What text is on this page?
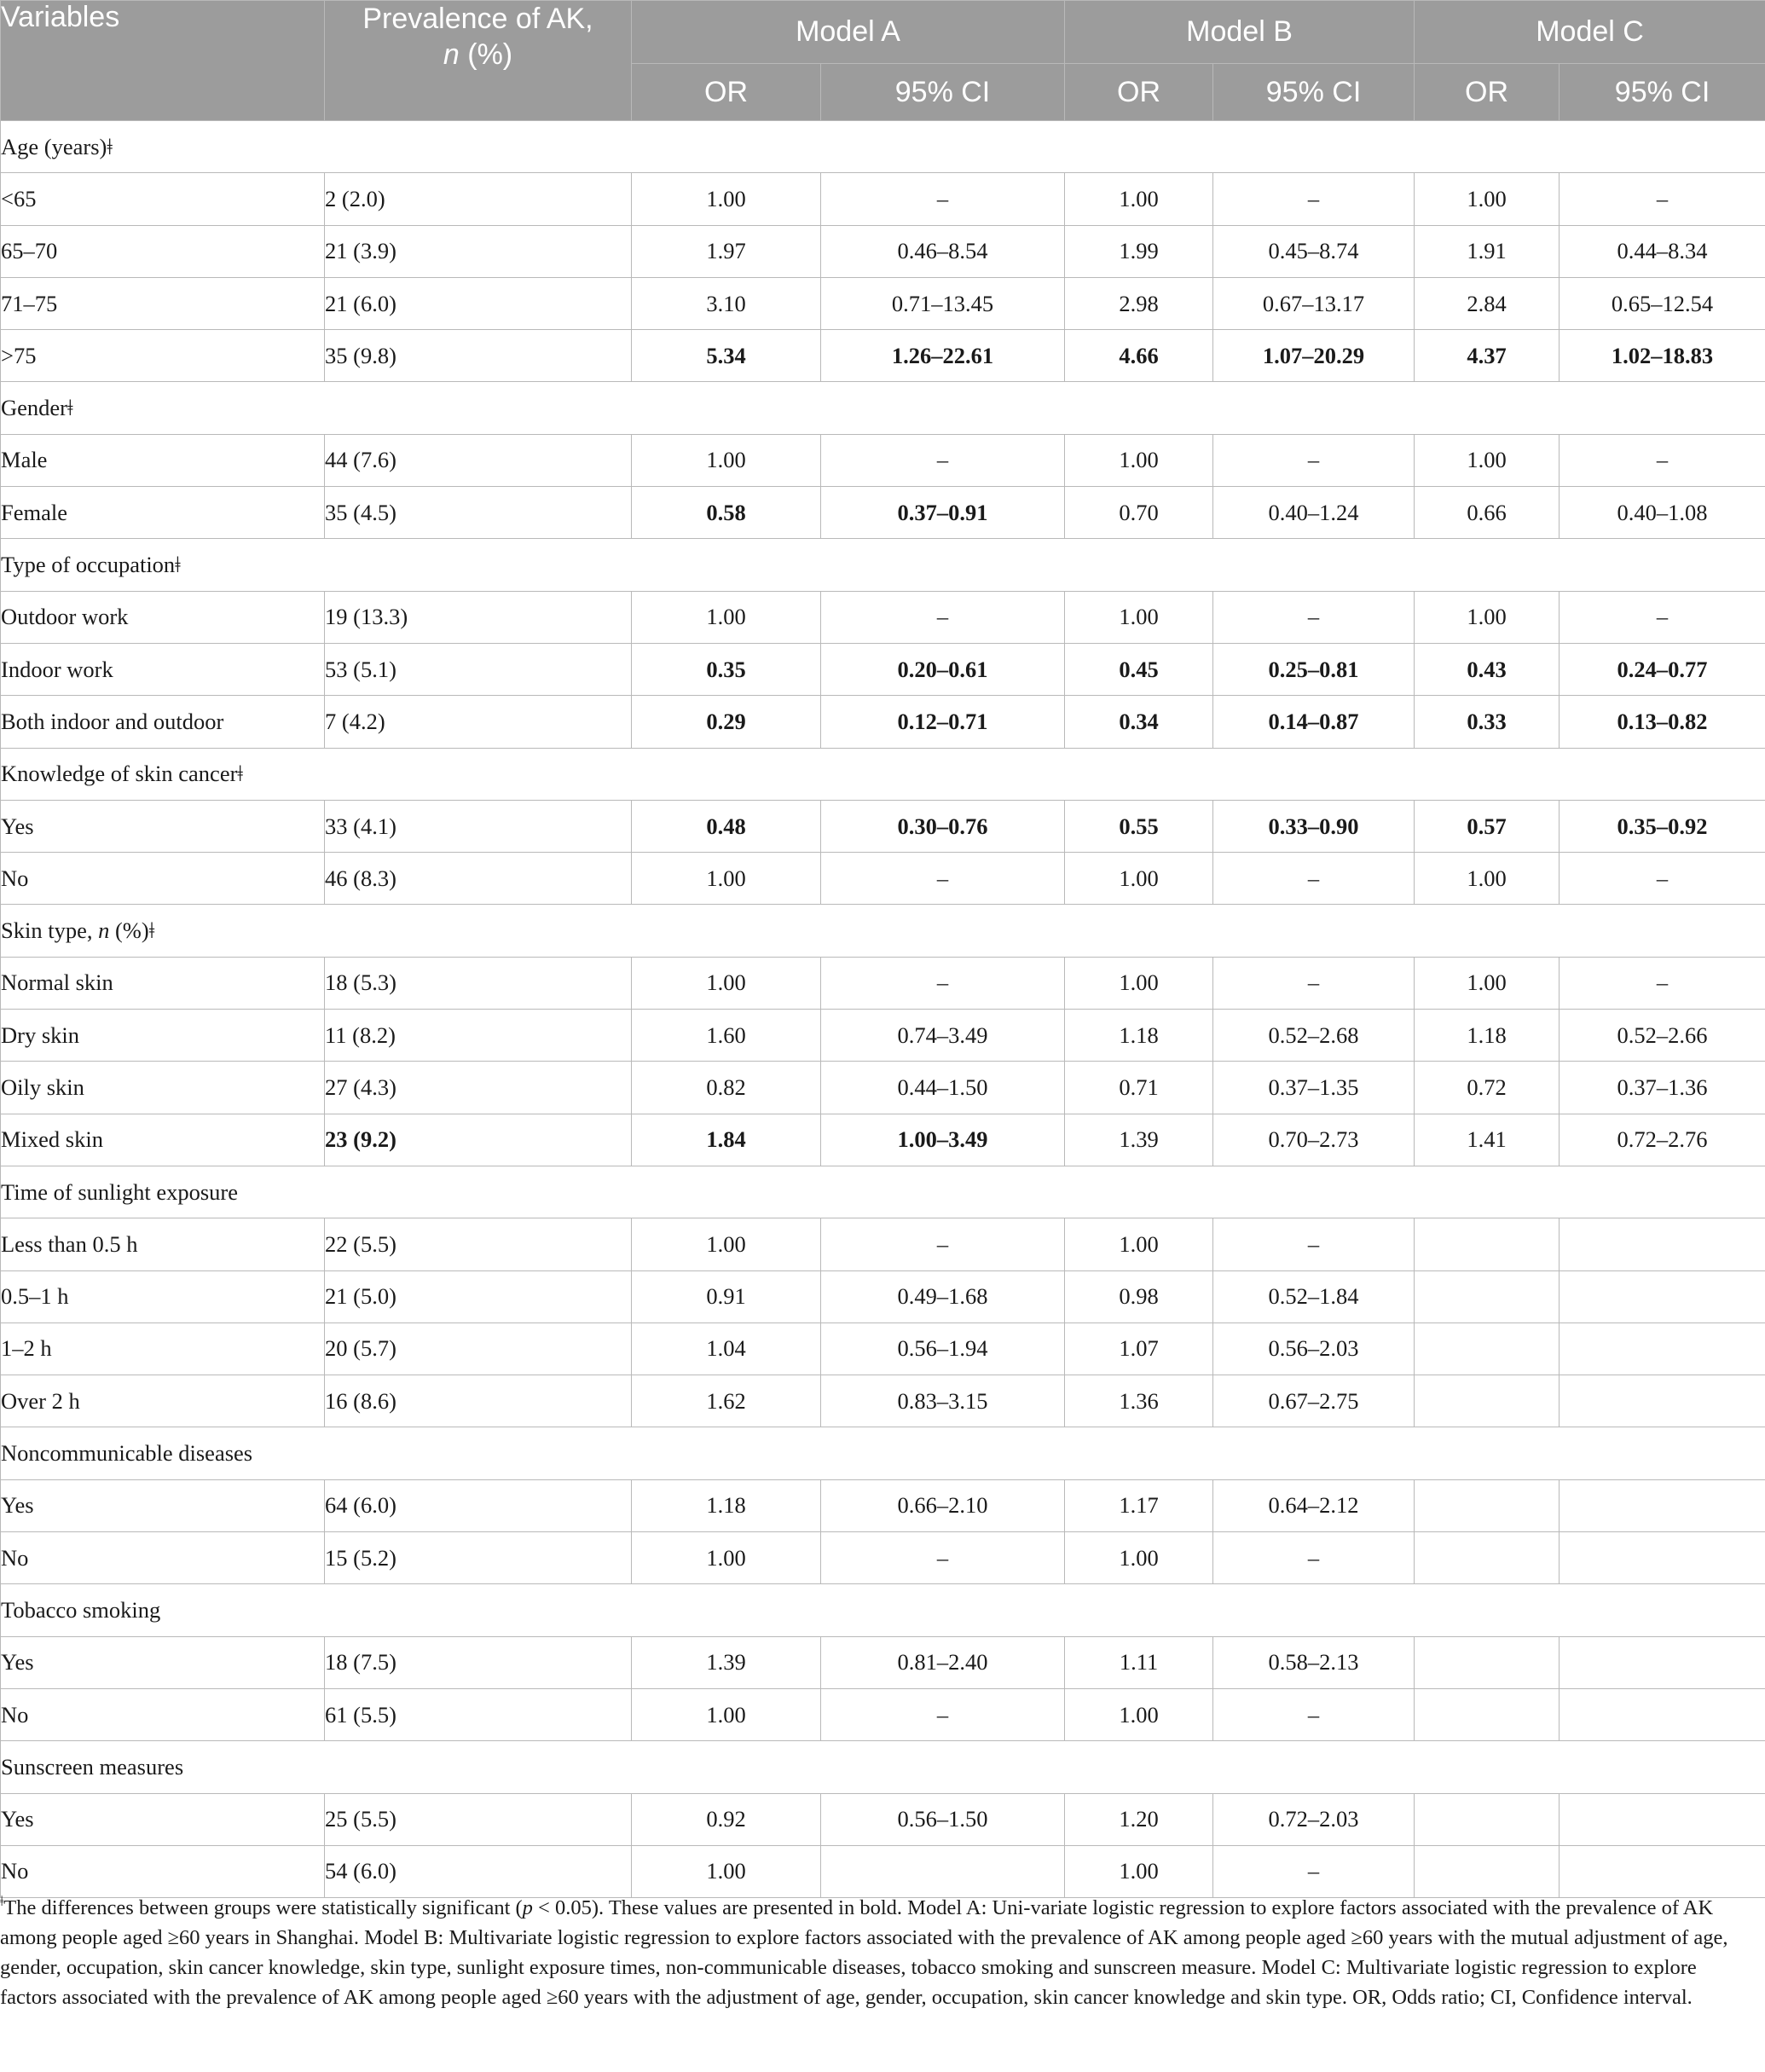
Variables	Prevalence of AK,
n (%)	Model A		Model B		Model C	
		OR	95% CI	OR	95% CI	OR	95% CI
Age (years)ǂ							
<65	2 (2.0)	1.00	–	1.00	–	1.00	–
65–70	21 (3.9)	1.97	0.46–8.54	1.99	0.45–8.74	1.91	0.44–8.34
71–75	21 (6.0)	3.10	0.71–13.45	2.98	0.67–13.17	2.84	0.65–12.54
>75	35 (9.8)	5.34	1.26–22.61	4.66	1.07–20.29	4.37	1.02–18.83
Genderǂ							
Male	44 (7.6)	1.00	–	1.00	–	1.00	–
Female	35 (4.5)	0.58	0.37–0.91	0.70	0.40–1.24	0.66	0.40–1.08
Type of occupationǂ							
Outdoor work	19 (13.3)	1.00	–	1.00	–	1.00	–
Indoor work	53 (5.1)	0.35	0.20–0.61	0.45	0.25–0.81	0.43	0.24–0.77
Both indoor and outdoor	7 (4.2)	0.29	0.12–0.71	0.34	0.14–0.87	0.33	0.13–0.82
Knowledge of skin cancerǂ							
Yes	33 (4.1)	0.48	0.30–0.76	0.55	0.33–0.90	0.57	0.35–0.92
No	46 (8.3)	1.00	–	1.00	–	1.00	–
Skin type, n (%)ǂ							
Normal skin	18 (5.3)	1.00	–	1.00	–	1.00	–
Dry skin	11 (8.2)	1.60	0.74–3.49	1.18	0.52–2.68	1.18	0.52–2.66
Oily skin	27 (4.3)	0.82	0.44–1.50	0.71	0.37–1.35	0.72	0.37–1.36
Mixed skin	23 (9.2)	1.84	1.00–3.49	1.39	0.70–2.73	1.41	0.72–2.76
Time of sunlight exposure							
Less than 0.5 h	22 (5.5)	1.00	–	1.00	–		
0.5–1 h	21 (5.0)	0.91	0.49–1.68	0.98	0.52–1.84		
1–2 h	20 (5.7)	1.04	0.56–1.94	1.07	0.56–2.03		
Over 2 h	16 (8.6)	1.62	0.83–3.15	1.36	0.67–2.75		
Noncommunicable diseases							
Yes	64 (6.0)	1.18	0.66–2.10	1.17	0.64–2.12		
No	15 (5.2)	1.00	–	1.00	–		
Tobacco smoking							
Yes	18 (7.5)	1.39	0.81–2.40	1.11	0.58–2.13		
No	61 (5.5)	1.00	–	1.00	–		
Sunscreen measures							
Yes	25 (5.5)	0.92	0.56–1.50	1.20	0.72–2.03		
No	54 (6.0)	1.00		1.00	–		
$^ǂ$The differences between groups were statistically significant (p < 0.05). These values are presented in bold. Model A: Uni-variate logistic regression to explore factors associated with the prevalence of AK among people aged ≥60 years in Shanghai. Model B: Multivariate logistic regression to explore factors associated with the prevalence of AK among people aged ≥60 years with the mutual adjustment of age, gender, occupation, skin cancer knowledge, skin type, sunlight exposure times, non-communicable diseases, tobacco smoking and sunscreen measure. Model C: Multivariate logistic regression to explore factors associated with the prevalence of AK among people aged ≥60 years with the adjustment of age, gender, occupation, skin cancer knowledge and skin type. OR, Odds ratio; CI, Confidence interval.
